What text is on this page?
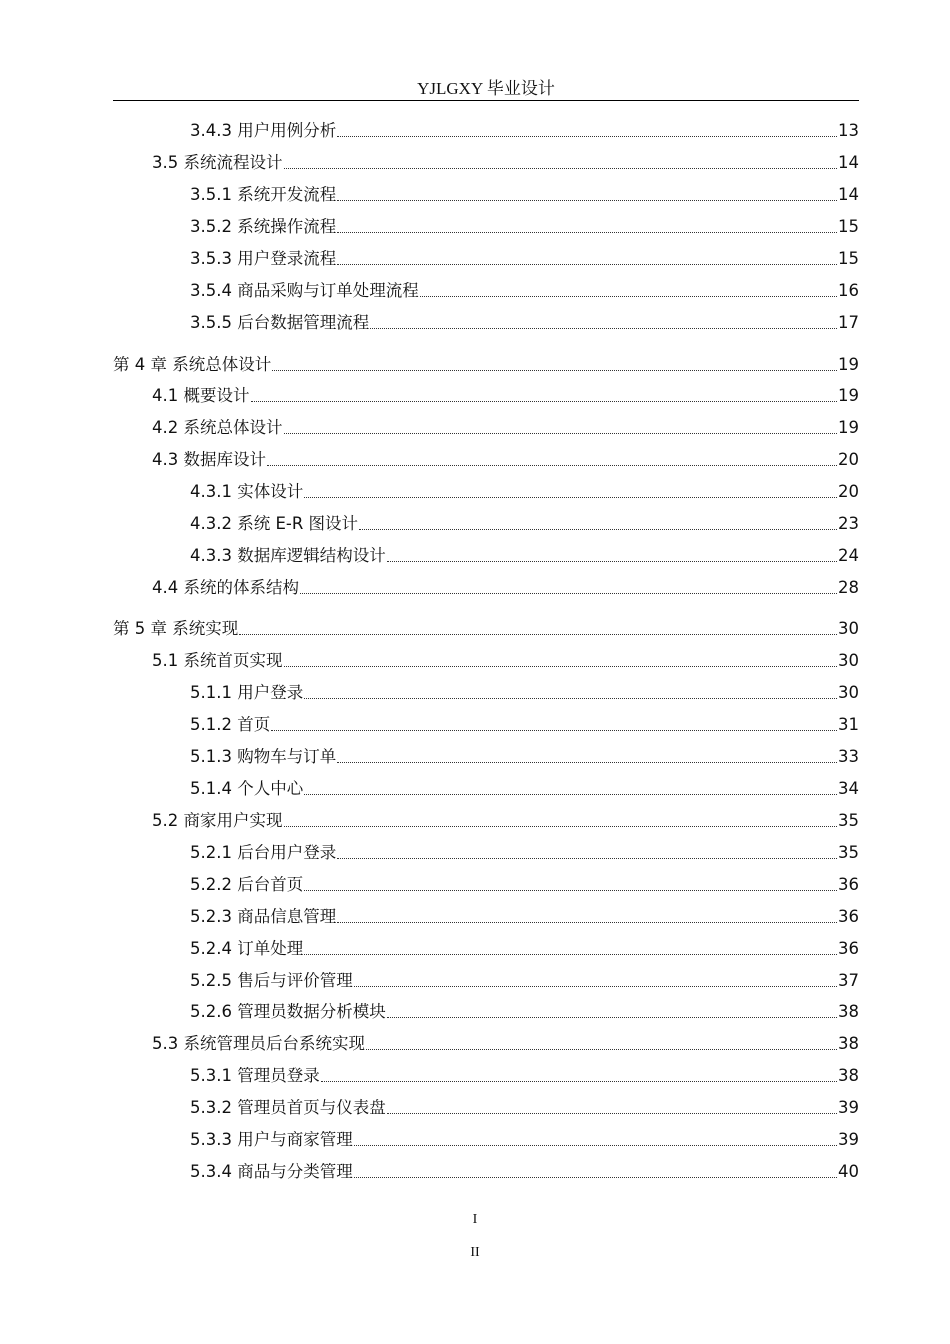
YJLGXY 毕业设计
3.4.3 用户用例分析	13
3.5 系统流程设计	14
3.5.1 系统开发流程	14
3.5.2 系统操作流程	15
3.5.3 用户登录流程	15
3.5.4 商品采购与订单处理流程	16
3.5.5 后台数据管理流程	17
第 4 章 系统总体设计	19
4.1 概要设计	19
4.2 系统总体设计	19
4.3 数据库设计	20
4.3.1 实体设计	20
4.3.2 系统 E-R 图设计	23
4.3.3 数据库逻辑结构设计	24
4.4 系统的体系结构	28
第 5 章 系统实现	30
5.1 系统首页实现	30
5.1.1 用户登录	30
5.1.2 首页	31
5.1.3 购物车与订单	33
5.1.4 个人中心	34
5.2 商家用户实现	35
5.2.1 后台用户登录	35
5.2.2 后台首页	36
5.2.3 商品信息管理	36
5.2.4 订单处理	36
5.2.5 售后与评价管理	37
5.2.6 管理员数据分析模块	38
5.3 系统管理员后台系统实现	38
5.3.1 管理员登录	38
5.3.2 管理员首页与仪表盘	39
5.3.3 用户与商家管理	39
5.3.4 商品与分类管理	40
I
II
